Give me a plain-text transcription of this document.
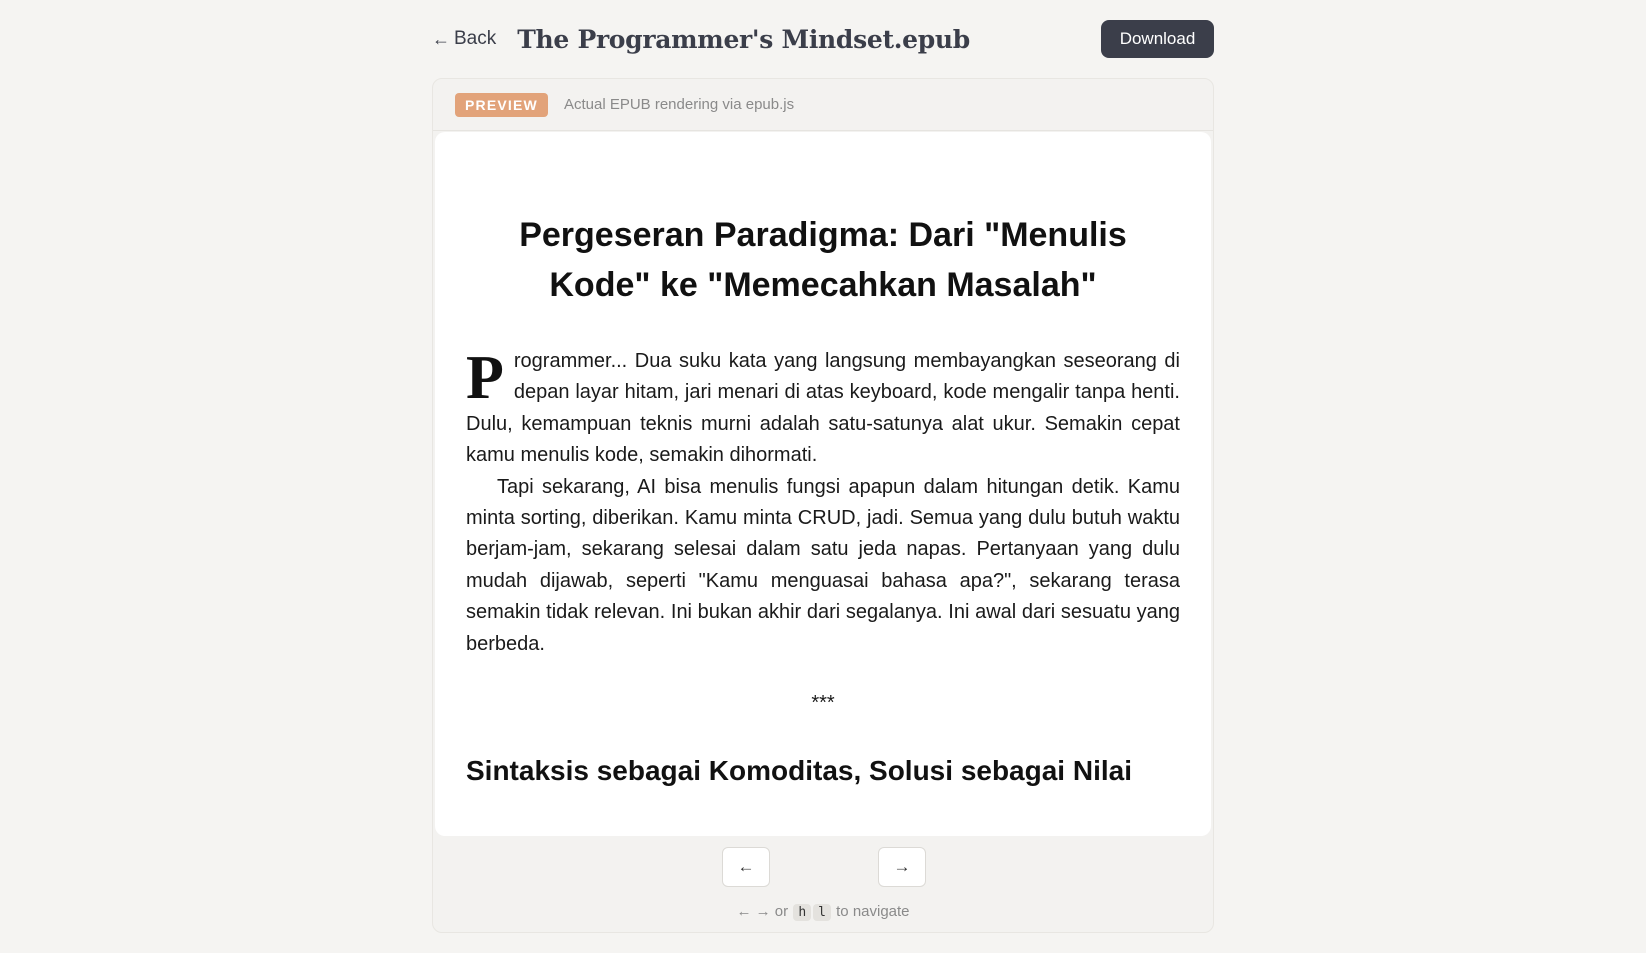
← Back The Programmer's Mindset.epub	Download
PREVIEW	Actual EPUB rendering via epub.js
Pergeseran Paradigma: Dari "Menulis Kode" ke "Memecahkan Masalah"

Programmer... Dua suku kata yang langsung membayangkan seseorang di depan layar hitam, jari menari di atas keyboard, kode mengalir tanpa henti. Dulu, kemampuan teknis murni adalah satu-satunya alat ukur. Semakin cepat kamu menulis kode, semakin dihormati.

Tapi sekarang, AI bisa menulis fungsi apapun dalam hitungan detik. Kamu minta sorting, diberikan. Kamu minta CRUD, jadi. Semua yang dulu butuh waktu berjam-jam, sekarang selesai dalam satu jeda napas. Pertanyaan yang dulu mudah dijawab, seperti "Kamu menguasai bahasa apa?", sekarang terasa semakin tidak relevan. Ini bukan akhir dari segalanya. Ini awal dari sesuatu yang berbeda.

***
Sintaksis sebagai Komoditas, Solusi sebagai Nilai
←	→
← → or h l to navigate
